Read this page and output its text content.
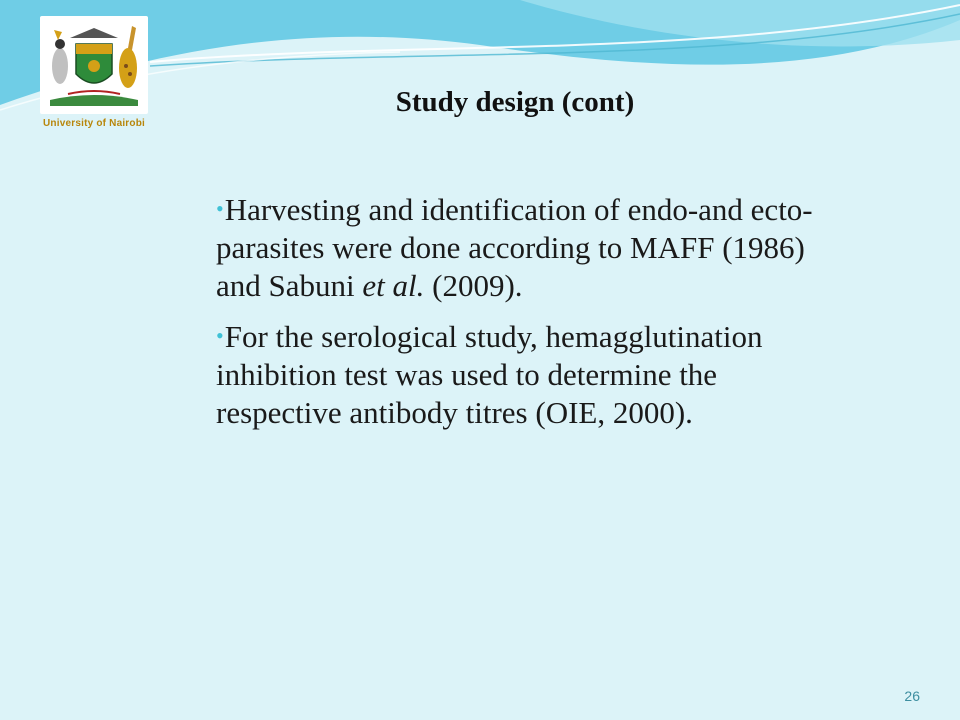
University of Nairobi
Study design (cont)
•Harvesting and identification of endo-and ecto-parasites were done according to MAFF (1986) and Sabuni et al. (2009).
•For the serological study, hemagglutination inhibition test was used to determine the respective antibody titres (OIE, 2000).
26
